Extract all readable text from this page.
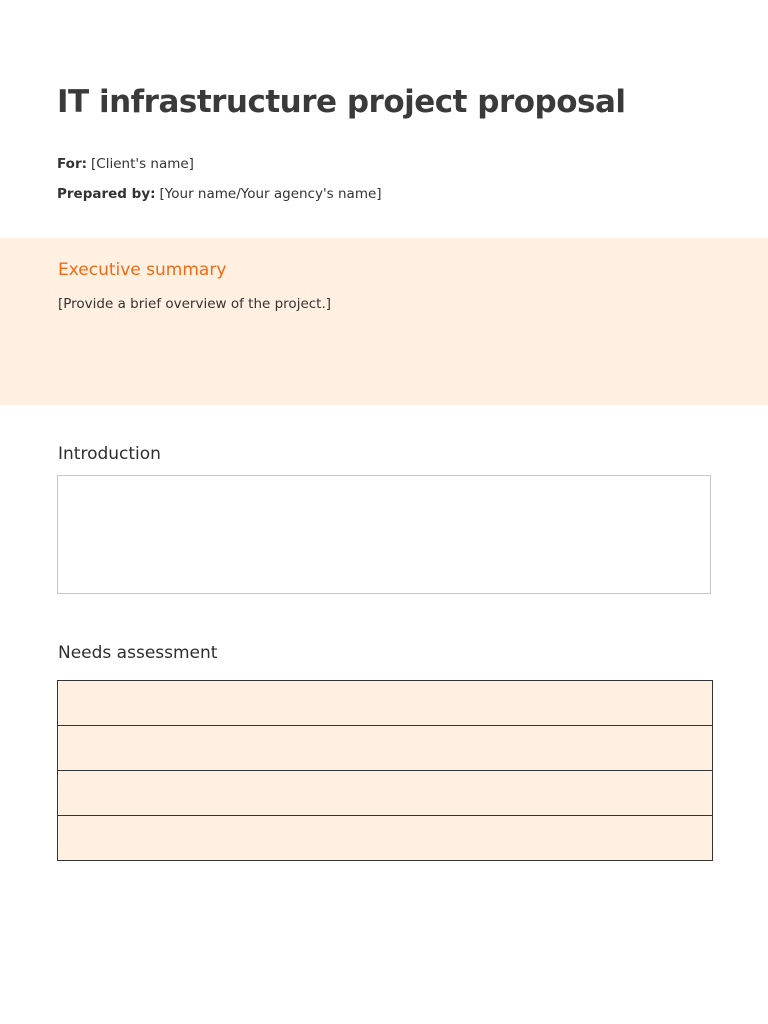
IT infrastructure project proposal
For: [Client's name]
Prepared by: [Your name/Your agency's name]
Executive summary

[Provide a brief overview of the project.]

Introduction
Needs assessment
